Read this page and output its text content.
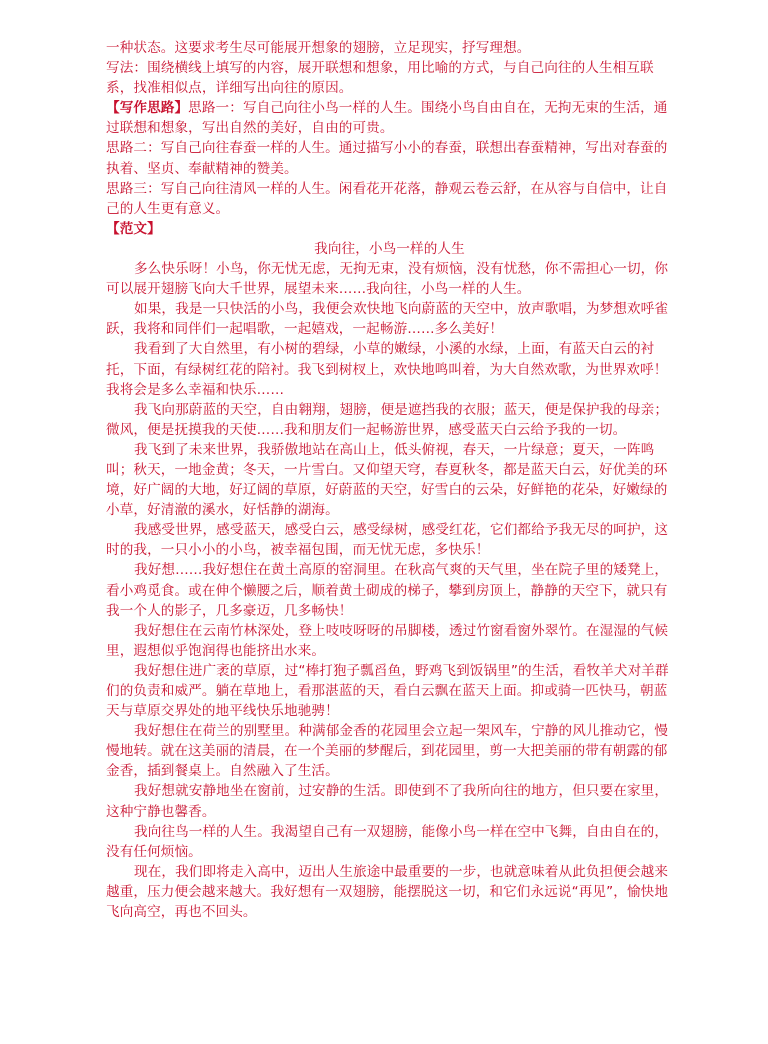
一种状态。这要求考生尽可能展开想象的翅膀，立足现实，抒写理想。

写法：围绕横线上填写的内容，展开联想和想象，用比喻的方式，与自己向往的人生相互联系，找准相似点，详细写出向往的原因。

【写作思路】思路一：写自己向往小鸟一样的人生。围绕小鸟自由自在，无拘无束的生活，通过联想和想象，写出自然的美好，自由的可贵。

思路二：写自己向往春蚕一样的人生。通过描写小小的春蚕，联想出春蚕精神，写出对春蚕的执着、坚贞、奉献精神的赞美。

思路三：写自己向往清风一样的人生。闲看花开花落，静观云卷云舒，在从容与自信中，让自己的人生更有意义。

【范文】

我向往，小鸟一样的人生

多么快乐呀！小鸟，你无忧无虑，无拘无束，没有烦恼，没有忧愁，你不需担心一切，你可以展开翅膀飞向大千世界，展望未来……我向往，小鸟一样的人生。

如果，我是一只快活的小鸟，我便会欢快地飞向蔚蓝的天空中，放声歌唱，为梦想欢呼雀跃，我将和同伴们一起唱歌，一起嬉戏，一起畅游……多么美好！

我看到了大自然里，有小树的碧绿，小草的嫩绿，小溪的水绿，上面，有蓝天白云的衬托，下面，有绿树红花的陪衬。我飞到树杈上，欢快地鸣叫着，为大自然欢歌，为世界欢呼！我将会是多么幸福和快乐……

我飞向那蔚蓝的天空，自由翱翔，翅膀，便是遮挡我的衣服；蓝天，便是保护我的母亲；微风，便是抚摸我的天使……我和朋友们一起畅游世界，感受蓝天白云给予我的一切。

我飞到了未来世界，我骄傲地站在高山上，低头俯视，春天，一片绿意；夏天，一阵鸣叫；秋天，一地金黄；冬天，一片雪白。又仰望天穹，春夏秋冬，都是蓝天白云，好优美的环境，好广阔的大地，好辽阔的草原，好蔚蓝的天空，好雪白的云朵，好鲜艳的花朵，好嫩绿的小草，好清澈的溪水，好恬静的湖海。

我感受世界，感受蓝天，感受白云，感受绿树，感受红花，它们都给予我无尽的呵护，这时的我，一只小小的小鸟，被幸福包围，而无忧无虑，多快乐！

我好想……我好想住在黄土高原的窑洞里。在秋高气爽的天气里，坐在院子里的矮凳上，看小鸡觅食。或在伸个懒腰之后，顺着黄土砌成的梯子，攀到房顶上，静静的天空下，就只有我一个人的影子，几多豪迈，几多畅快！

我好想住在云南竹林深处，登上吱吱呀呀的吊脚楼，透过竹窗看窗外翠竹。在湿湿的气候里，遐想似乎饱润得也能挤出水来。

我好想住进广袤的草原，过“棒打狍子瓢舀鱼，野鸡飞到饭锅里”的生活，看牧羊犬对羊群们的负责和威严。躺在草地上，看那湛蓝的天，看白云飘在蓝天上面。抑或骑一匹快马，朝蓝天与草原交界处的地平线快乐地驰骋！

我好想住在荷兰的别墅里。种满郁金香的花园里会立起一架风车，宁静的风儿推动它，慢慢地转。就在这美丽的清晨，在一个美丽的梦醒后，到花园里，剪一大把美丽的带有朝露的郁金香，插到餐桌上。自然融入了生活。

我好想就安静地坐在窗前，过安静的生活。即使到不了我所向往的地方，但只要在家里，这种宁静也馨香。

我向往鸟一样的人生。我渴望自己有一双翅膀，能像小鸟一样在空中飞舞，自由自在的，没有任何烦恼。

现在，我们即将走入高中，迈出人生旅途中最重要的一步，也就意味着从此负担便会越来越重，压力便会越来越大。我好想有一双翅膀，能摆脱这一切，和它们永远说“再见”，愉快地飞向高空，再也不回头。
